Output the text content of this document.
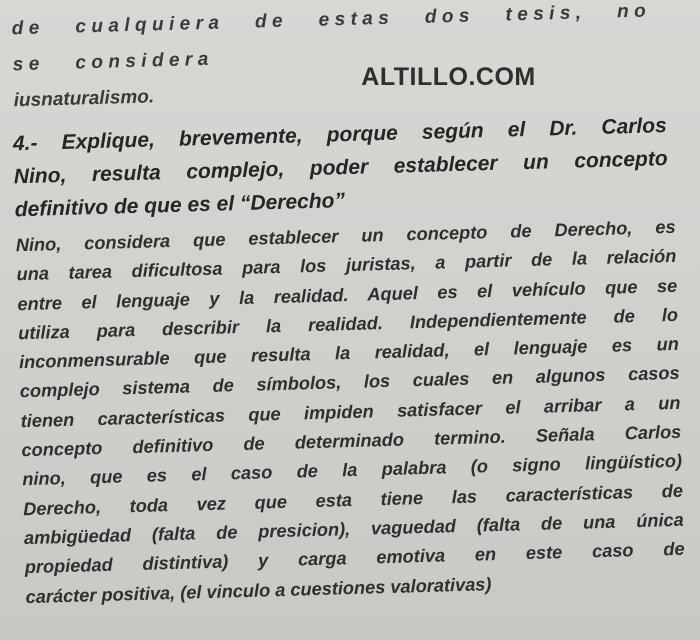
de cualquiera de estas dos tesis, no se considera
iusnaturalismo.
ALTILLO.COM
4.- Explique, brevemente, porque según el Dr. Carlos
Nino, resulta complejo, poder establecer un concepto
definitivo de que es el “Derecho”
Nino, considera que establecer un concepto de Derecho, es
una tarea dificultosa para los juristas, a partir de la relación
entre el lenguaje y la realidad. Aquel es el vehículo que se
utiliza para describir la realidad. Independientemente de lo
inconmensurable que resulta la realidad, el lenguaje es un
complejo sistema de símbolos, los cuales en algunos casos
tienen características que impiden satisfacer el arribar a un
concepto definitivo de determinado termino. Señala Carlos
nino, que es el caso de la palabra (o signo lingüístico)
Derecho, toda vez que esta tiene las características de
ambigüedad (falta de presicion), vaguedad (falta de una única
propiedad distintiva) y carga emotiva en este caso de
carácter positiva, (el vinculo a cuestiones valorativas)
